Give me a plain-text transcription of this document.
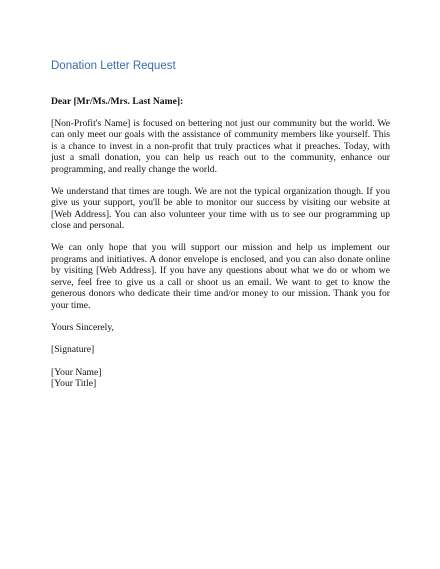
Donation Letter Request
Dear [Mr/Ms./Mrs. Last Name]:

[Non-Profit's Name] is focused on bettering not just our community but the world. We can only meet our goals with the assistance of community members like yourself. This is a chance to invest in a non-profit that truly practices what it preaches. Today, with just a small donation, you can help us reach out to the community, enhance our programming, and really change the world.

We understand that times are tough. We are not the typical organization though. If you give us your support, you'll be able to monitor our success by visiting our website at [Web Address]. You can also volunteer your time with us to see our programming up close and personal.

We can only hope that you will support our mission and help us implement our programs and initiatives. A donor envelope is enclosed, and you can also donate online by visiting [Web Address]. If you have any questions about what we do or whom we serve, feel free to give us a call or shoot us an email. We want to get to know the generous donors who dedicate their time and/or money to our mission. Thank you for your time.

Yours Sincerely,
[Signature]
[Your Name]
[Your Title]
